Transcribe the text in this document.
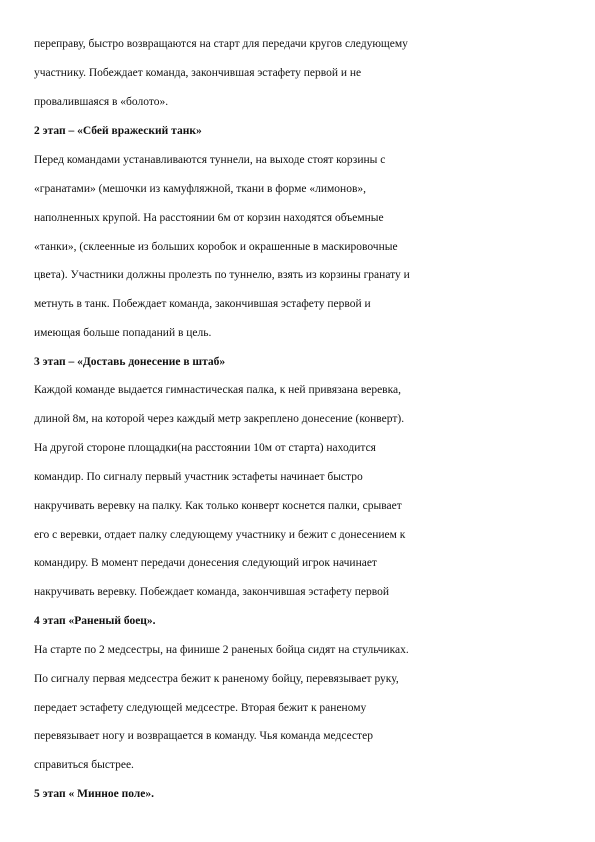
переправу, быстро возвращаются на старт для передачи кругов следующему
участнику. Побеждает команда, закончившая эстафету первой и не
провалившаяся в «болото».
2 этап – «Сбей вражеский танк»
Перед командами устанавливаются туннели, на выходе стоят корзины с
«гранатами» (мешочки из камуфляжной, ткани в форме «лимонов»,
наполненных крупой. На расстоянии 6м от корзин находятся объемные
«танки», (склеенные из больших коробок и окрашенные в маскировочные
цвета). Участники должны пролезть по туннелю, взять из корзины гранату и
метнуть в танк. Побеждает команда, закончившая эстафету первой и
имеющая больше попаданий в цель.
3 этап – «Доставь донесение в штаб»
Каждой команде выдается гимнастическая палка, к ней привязана веревка,
длиной 8м, на которой через каждый метр закреплено донесение (конверт).
На другой стороне площадки(на расстоянии 10м от старта) находится
командир. По сигналу первый участник эстафеты начинает быстро
накручивать веревку на палку. Как только конверт коснется палки, срывает
его с веревки, отдает палку следующему участнику и бежит с донесением к
командиру. В момент передачи донесения следующий игрок начинает
накручивать веревку. Побеждает команда, закончившая эстафету первой
4 этап «Раненый боец».
На старте по 2 медсестры, на финише 2 раненых бойца сидят на стульчиках.
По сигналу первая медсестра бежит к раненому бойцу, перевязывает руку,
передает эстафету следующей медсестре. Вторая бежит к раненому
перевязывает ногу и возвращается в команду. Чья команда медсестер
справиться быстрее.
5 этап « Минное поле».
